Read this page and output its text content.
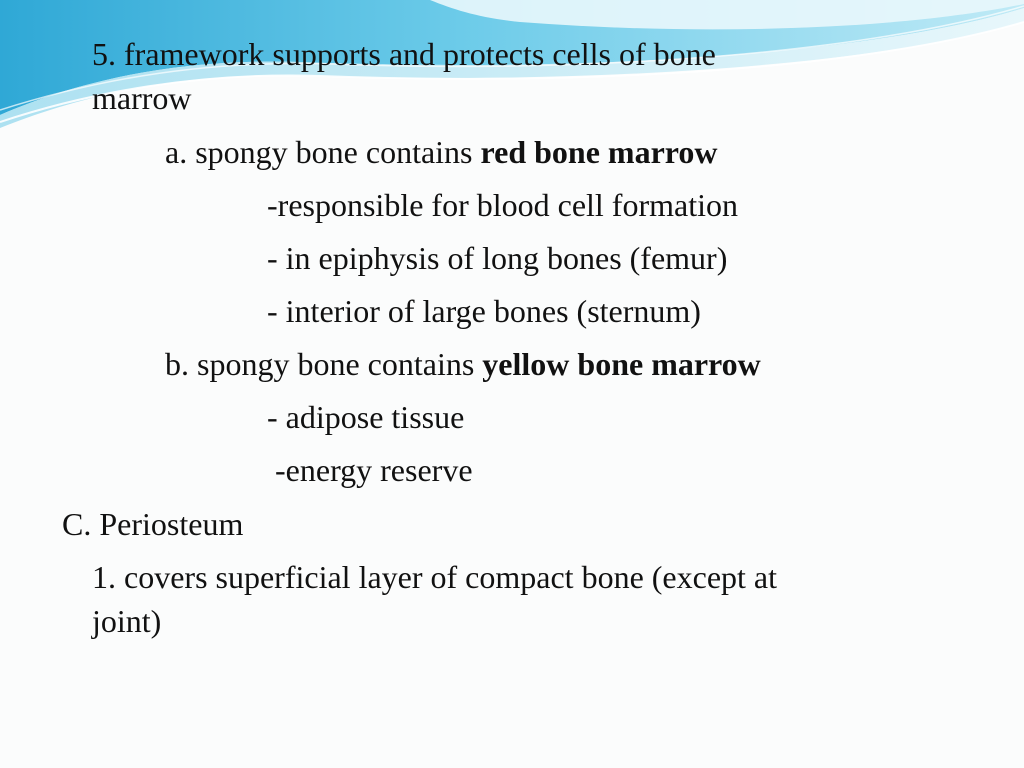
5. framework supports and protects cells of bone

marrow

a. spongy bone contains red bone marrow

-responsible for blood cell formation

- in epiphysis of long bones (femur)

- interior of large bones (sternum)

b. spongy bone contains yellow bone marrow

- adipose tissue

-energy reserve

C. Periosteum

1. covers superficial layer of compact bone (except at

joint)
